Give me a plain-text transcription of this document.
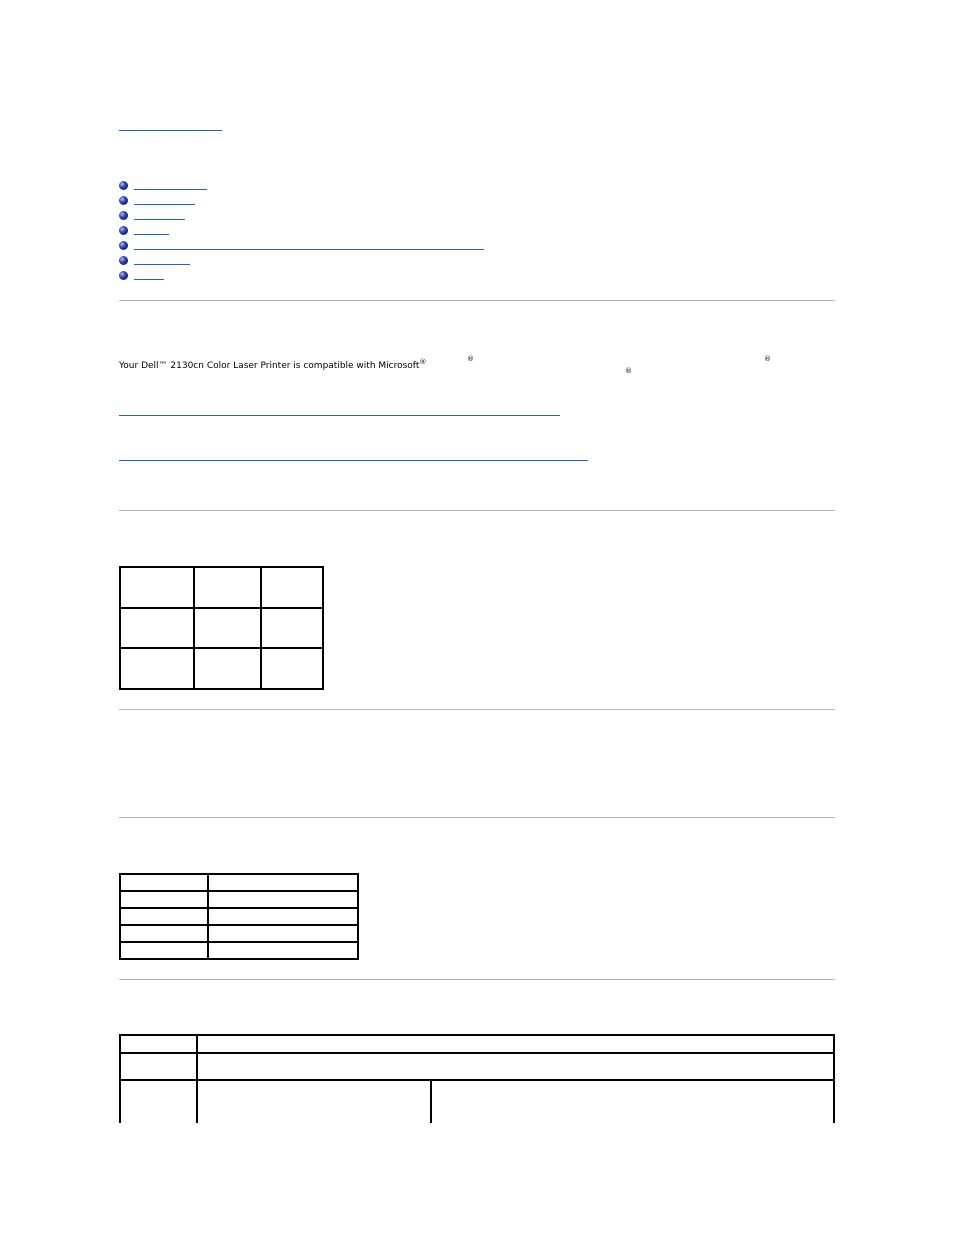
Your Dell™ 2130cn Color Laser Printer is compatible with Microsoft®	®	®
®
